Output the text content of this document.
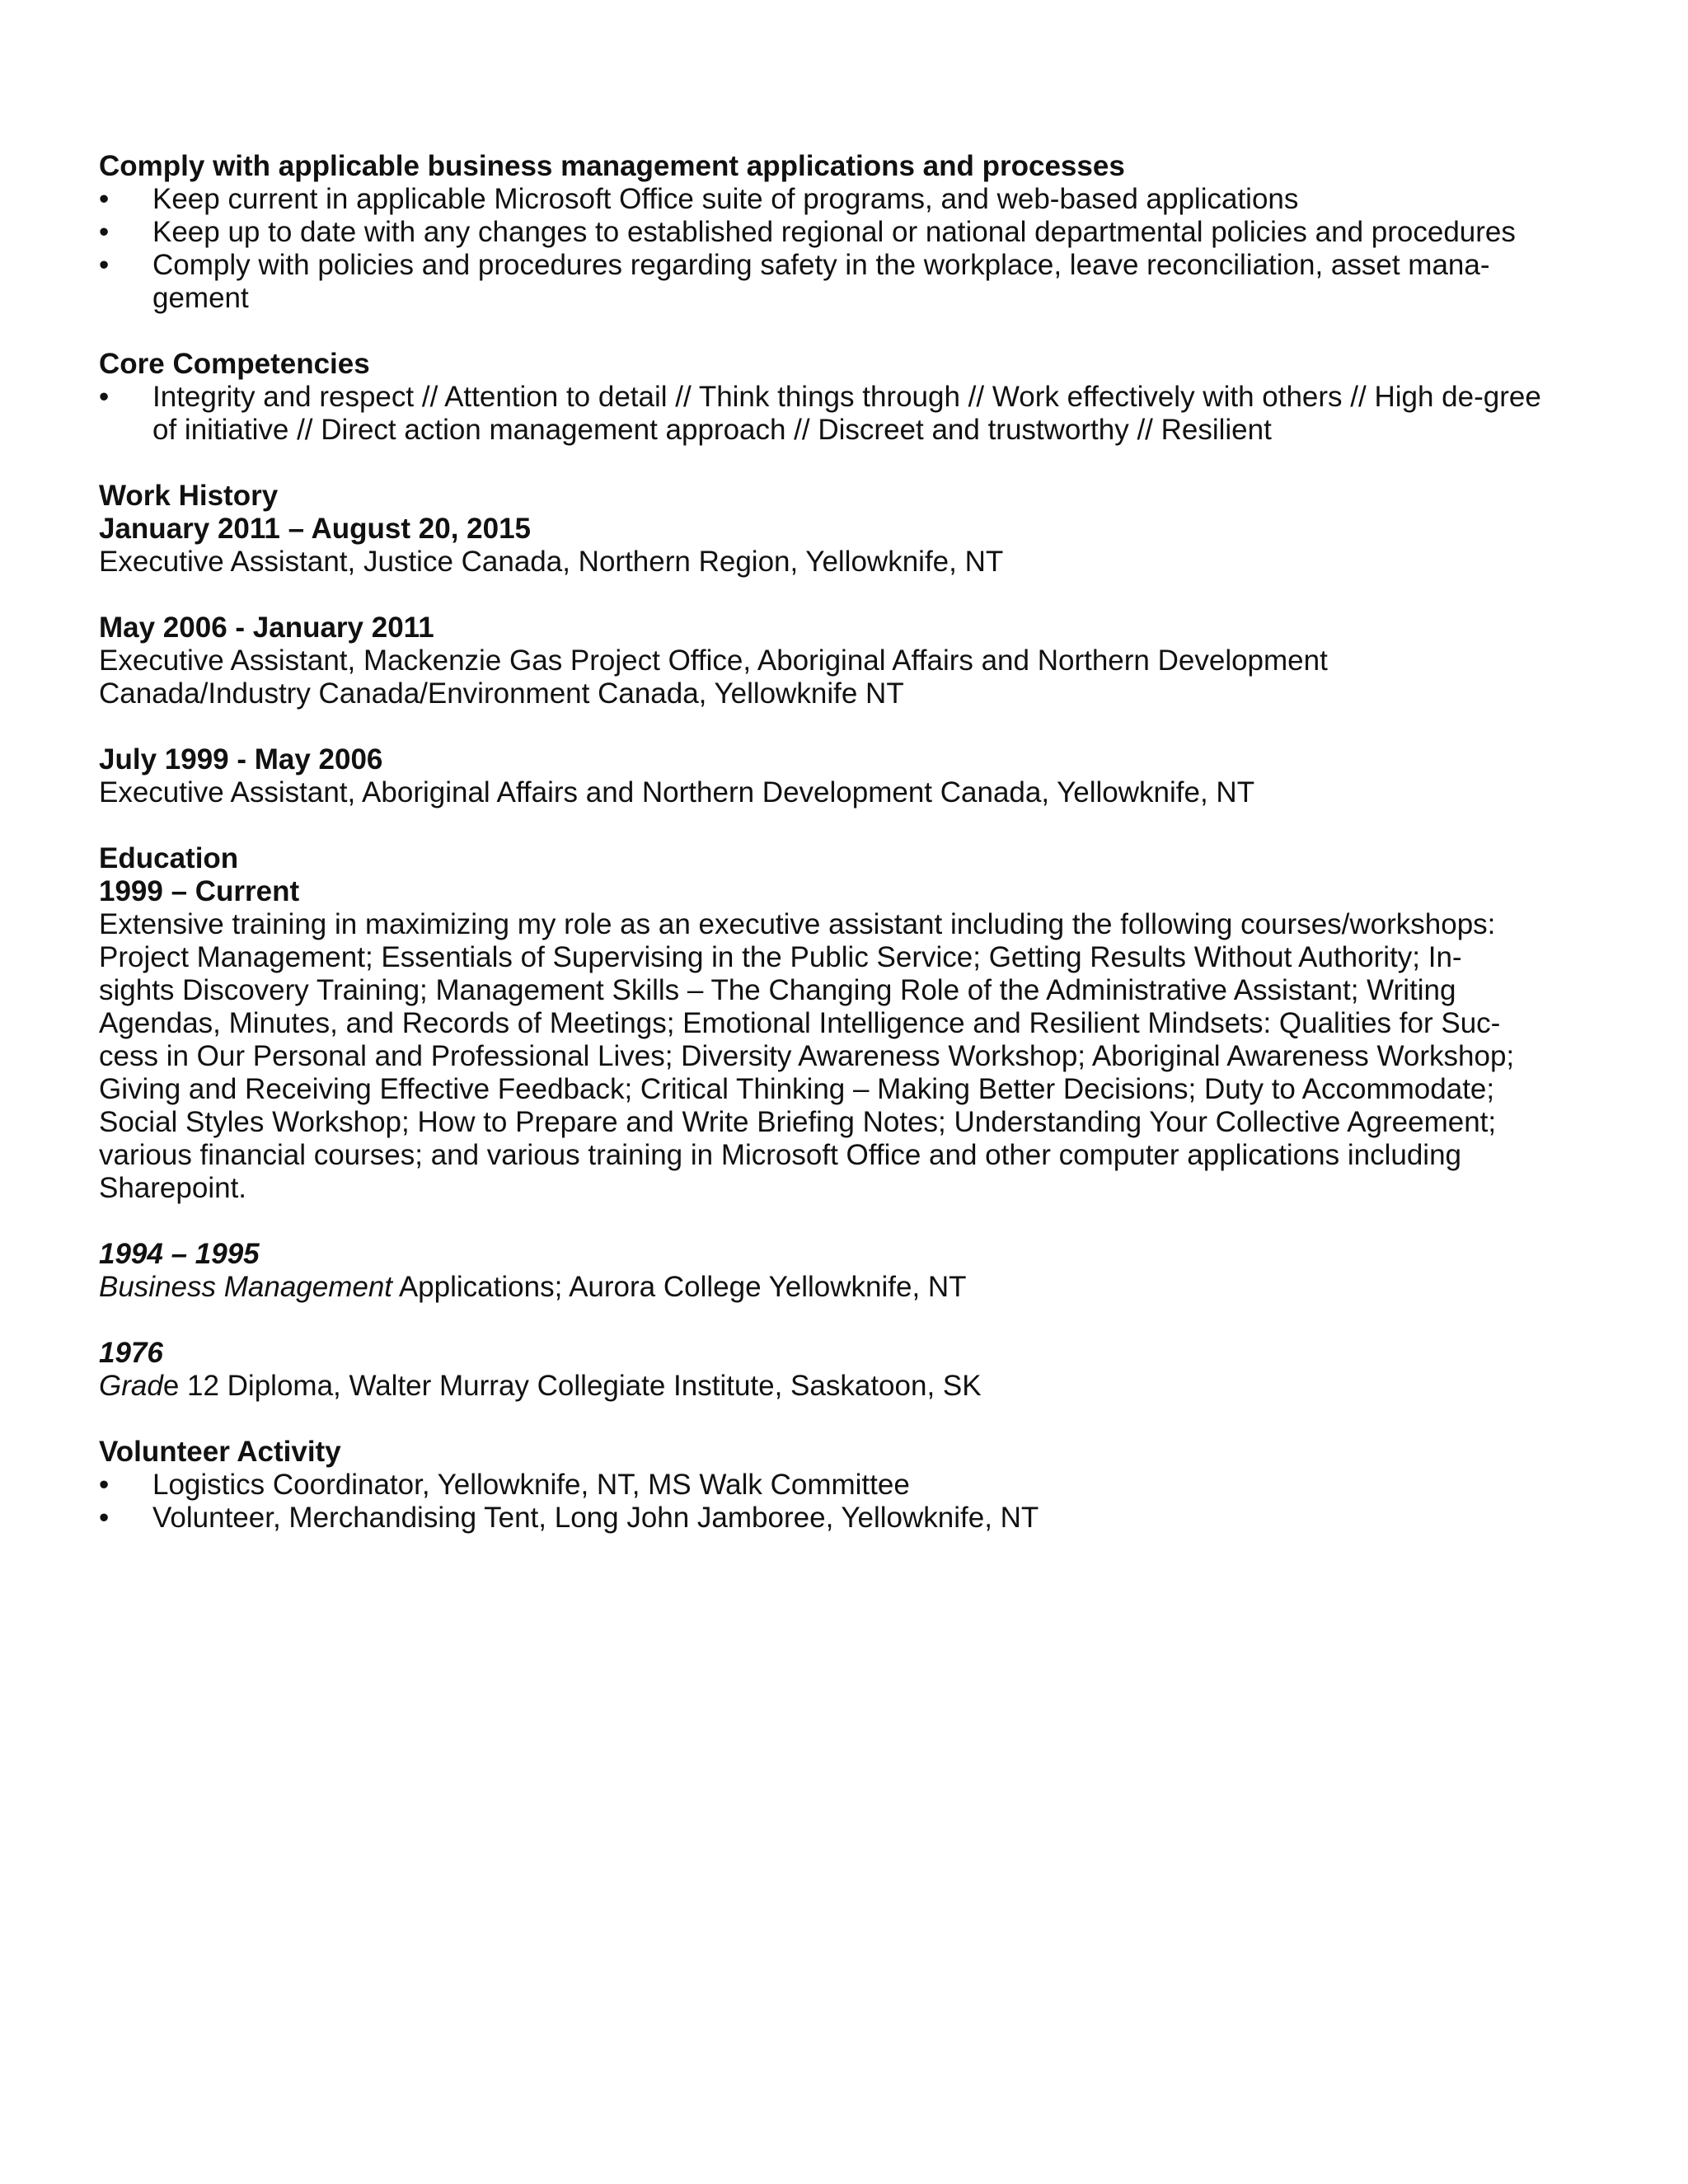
Comply with applicable business management applications and processes
• Keep current in applicable Microsoft Office suite of programs, and web-based applications
• Keep up to date with any changes to established regional or national departmental policies and procedures
• Comply with policies and procedures regarding safety in the workplace, leave reconciliation, asset mana-gement
Core Competencies
• Integrity and respect // Attention to detail // Think things through // Work effectively with others // High de-gree of initiative // Direct action management approach // Discreet and trustworthy // Resilient
Work History
January 2011 – August 20, 2015

Executive Assistant, Justice Canada, Northern Region, Yellowknife, NT

May 2006 - January 2011

Executive Assistant, Mackenzie Gas Project Office, Aboriginal Affairs and Northern Development

Canada/Industry Canada/Environment Canada, Yellowknife NT

July 1999 - May 2006

Executive Assistant, Aboriginal Affairs and Northern Development Canada, Yellowknife, NT

Education
1999 – Current

Extensive training in maximizing my role as an executive assistant including the following courses/workshops:

Project Management; Essentials of Supervising in the Public Service; Getting Results Without Authority; In-

sights Discovery Training; Management Skills – The Changing Role of the Administrative Assistant; Writing

Agendas, Minutes, and Records of Meetings; Emotional Intelligence and Resilient Mindsets: Qualities for Suc-

cess in Our Personal and Professional Lives; Diversity Awareness Workshop; Aboriginal Awareness Workshop;

Giving and Receiving Effective Feedback; Critical Thinking – Making Better Decisions; Duty to Accommodate;

Social Styles Workshop; How to Prepare and Write Briefing Notes; Understanding Your Collective Agreement;

various financial courses; and various training in Microsoft Office and other computer applications including

Sharepoint.

1994 – 1995

Business Management Applications; Aurora College Yellowknife, NT

1976

Grade 12 Diploma, Walter Murray Collegiate Institute, Saskatoon, SK

Volunteer Activity
• Logistics Coordinator, Yellowknife, NT, MS Walk Committee
• Volunteer, Merchandising Tent, Long John Jamboree, Yellowknife, NT
